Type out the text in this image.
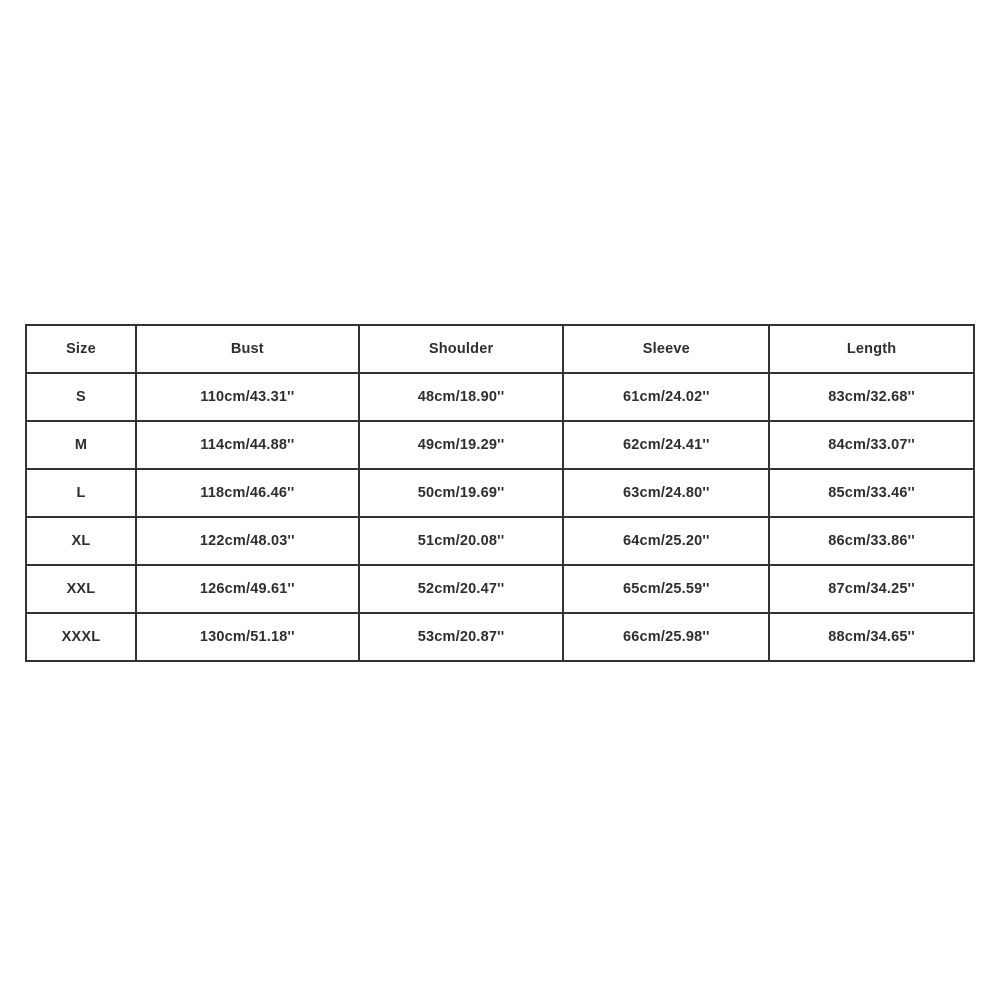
Size	Bust	Shoulder	Sleeve	Length
S	110cm/43.31''	48cm/18.90''	61cm/24.02''	83cm/32.68''
M	114cm/44.88''	49cm/19.29''	62cm/24.41''	84cm/33.07''
L	118cm/46.46''	50cm/19.69''	63cm/24.80''	85cm/33.46''
XL	122cm/48.03''	51cm/20.08''	64cm/25.20''	86cm/33.86''
XXL	126cm/49.61''	52cm/20.47''	65cm/25.59''	87cm/34.25''
XXXL	130cm/51.18''	53cm/20.87''	66cm/25.98''	88cm/34.65''
